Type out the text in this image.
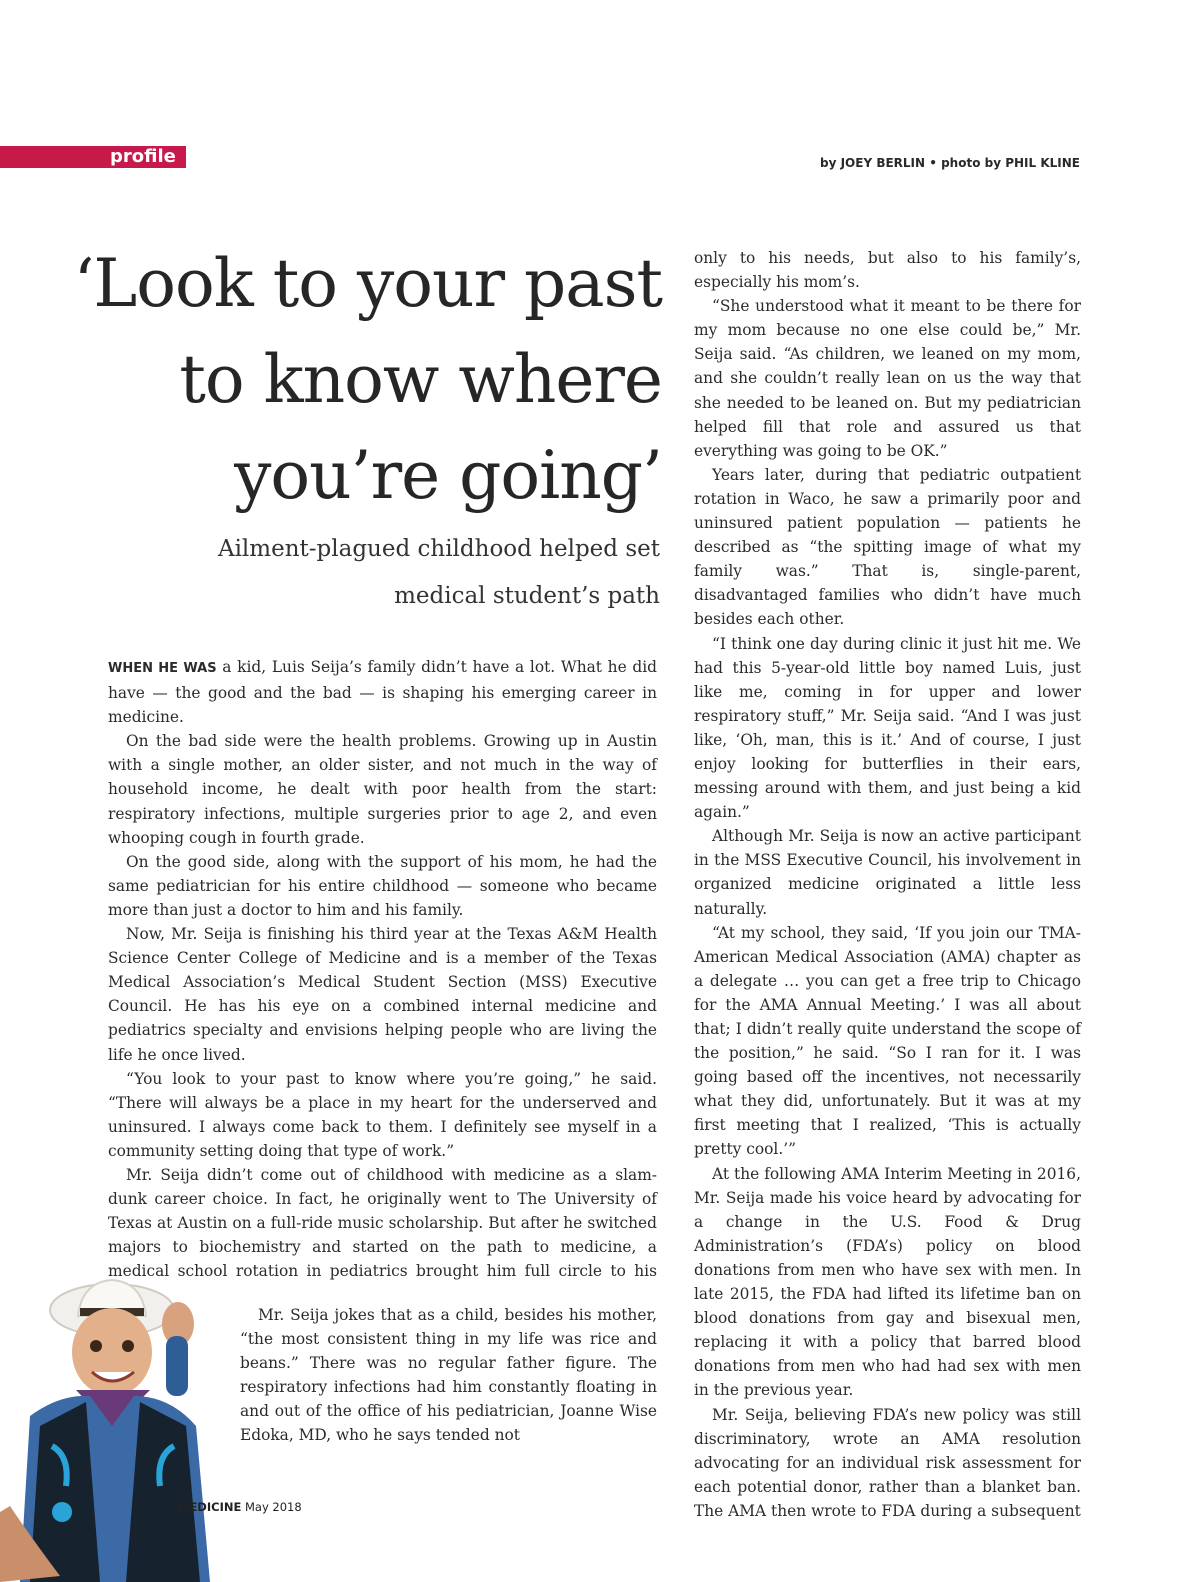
profile	by JOEY BERLIN • photo by PHIL KLINE
‘Look to your past
to know where
you’re going’
Ailment-plagued childhood helped set
medical student’s path

WHEN HE WAS a kid, Luis Seija’s family didn’t have a lot. What he did have — the good and the bad — is shaping his emerging career in medicine.

On the bad side were the health problems. Growing up in Austin with a single mother, an older sister, and not much in the way of household income, he dealt with poor health from the start: respiratory infections, multiple surgeries prior to age 2, and even whooping cough in fourth grade.

On the good side, along with the support of his mom, he had the same pediatrician for his entire childhood — someone who became more than just a doctor to him and his family.

Now, Mr. Seija is finishing his third year at the Texas A&M Health Science Center College of Medicine and is a member of the Texas Medical Association’s Medical Student Section (MSS) Executive Council. He has his eye on a combined internal medicine and pediatrics specialty and envisions helping people who are living the life he once lived.

“You look to your past to know where you’re going,” he said. “There will always be a place in my heart for the underserved and uninsured. I always come back to them. I definitely see myself in a community setting doing that type of work.”

Mr. Seija didn’t come out of childhood with medicine as a slam-dunk career choice. In fact, he originally went to The University of Texas at Austin on a full-ride music scholarship. But after he switched majors to biochemistry and started on the path to medicine, a medical school rotation in pediatrics brought him full circle to his

Mr. Seija jokes that as a child, besides his mother, “the most consistent thing in my life was rice and beans.” There was no regular father figure. The respiratory infections had him constantly floating in and out of the office of his pediatrician, Joanne Wise Edoka, MD, who he says tended not

only to his needs, but also to his family’s, especially his mom’s.

“She understood what it meant to be there for my mom because no one else could be,” Mr. Seija said. “As children, we leaned on my mom, and she couldn’t really lean on us the way that she needed to be leaned on. But my pediatrician helped fill that role and assured us that everything was going to be OK.”

Years later, during that pediatric outpatient rotation in Waco, he saw a primarily poor and uninsured patient population — patients he described as “the spitting image of what my family was.” That is, single-parent, disadvantaged families who didn’t have much besides each other.

“I think one day during clinic it just hit me. We had this 5-year-old little boy named Luis, just like me, coming in for upper and lower respiratory stuff,” Mr. Seija said. “And I was just like, ‘Oh, man, this is it.’ And of course, I just enjoy looking for butterflies in their ears, messing around with them, and just being a kid again.”

Although Mr. Seija is now an active participant in the MSS Executive Council, his involvement in organized medicine originated a little less naturally.

“At my school, they said, ‘If you join our TMA-American Medical Association (AMA) chapter as a delegate … you can get a free trip to Chicago for the AMA Annual Meeting.’ I was all about that; I didn’t really quite understand the scope of the position,” he said. “So I ran for it. I was going based off the incentives, not necessarily what they did, unfortunately. But it was at my first meeting that I realized, ‘This is actually pretty cool.’”

At the following AMA Interim Meeting in 2016, Mr. Seija made his voice heard by advocating for a change in the U.S. Food & Drug Administration’s (FDA’s) policy on blood donations from men who have sex with men. In late 2015, the FDA had lifted its lifetime ban on blood donations from gay and bisexual men, replacing it with a policy that barred blood donations from men who had had sex with men in the previous year.

Mr. Seija, believing FDA’s new policy was still discriminatory, wrote an AMA resolution advocating for an individual risk assessment for each potential donor, rather than a blanket ban. The AMA then wrote to FDA during a subsequent

MEDICINE May 2018
